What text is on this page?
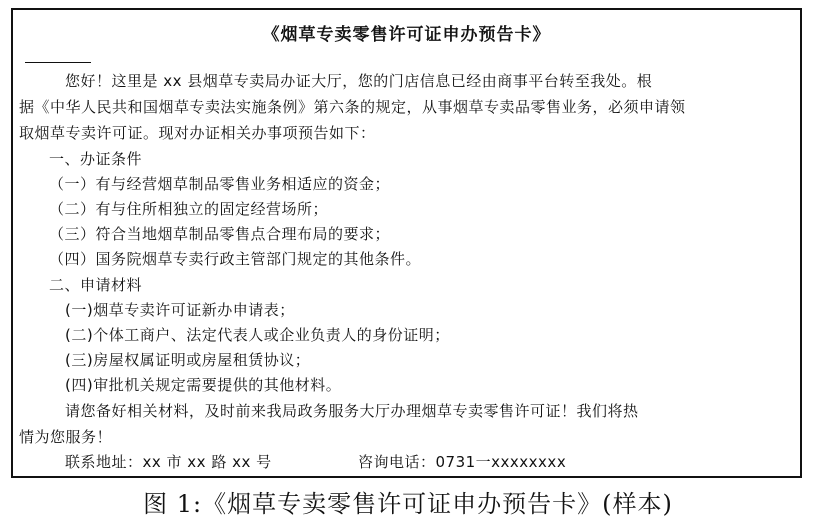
《烟草专卖零售许可证申办预告卡》
您好！这里是 xx 县烟草专卖局办证大厅，您的门店信息已经由商事平台转至我处。根
据《中华人民共和国烟草专卖法实施条例》第六条的规定，从事烟草专卖品零售业务，必须申请领
取烟草专卖许可证。现对办证相关办事项预告如下：
一、办证条件
（一）有与经营烟草制品零售业务相适应的资金；
（二）有与住所相独立的固定经营场所；
（三）符合当地烟草制品零售点合理布局的要求；
（四）国务院烟草专卖行政主管部门规定的其他条件。
二、申请材料
(一)烟草专卖许可证新办申请表；
(二)个体工商户、法定代表人或企业负责人的身份证明；
(三)房屋权属证明或房屋租赁协议；
(四)审批机关规定需要提供的其他材料。
请您备好相关材料，及时前来我局政务服务大厅办理烟草专卖零售许可证！我们将热
情为您服务！
联系地址：xx 市 xx 路 xx 号	咨询电话：0731一xxxxxxxx
图 1:《烟草专卖零售许可证申办预告卡》(样本)
